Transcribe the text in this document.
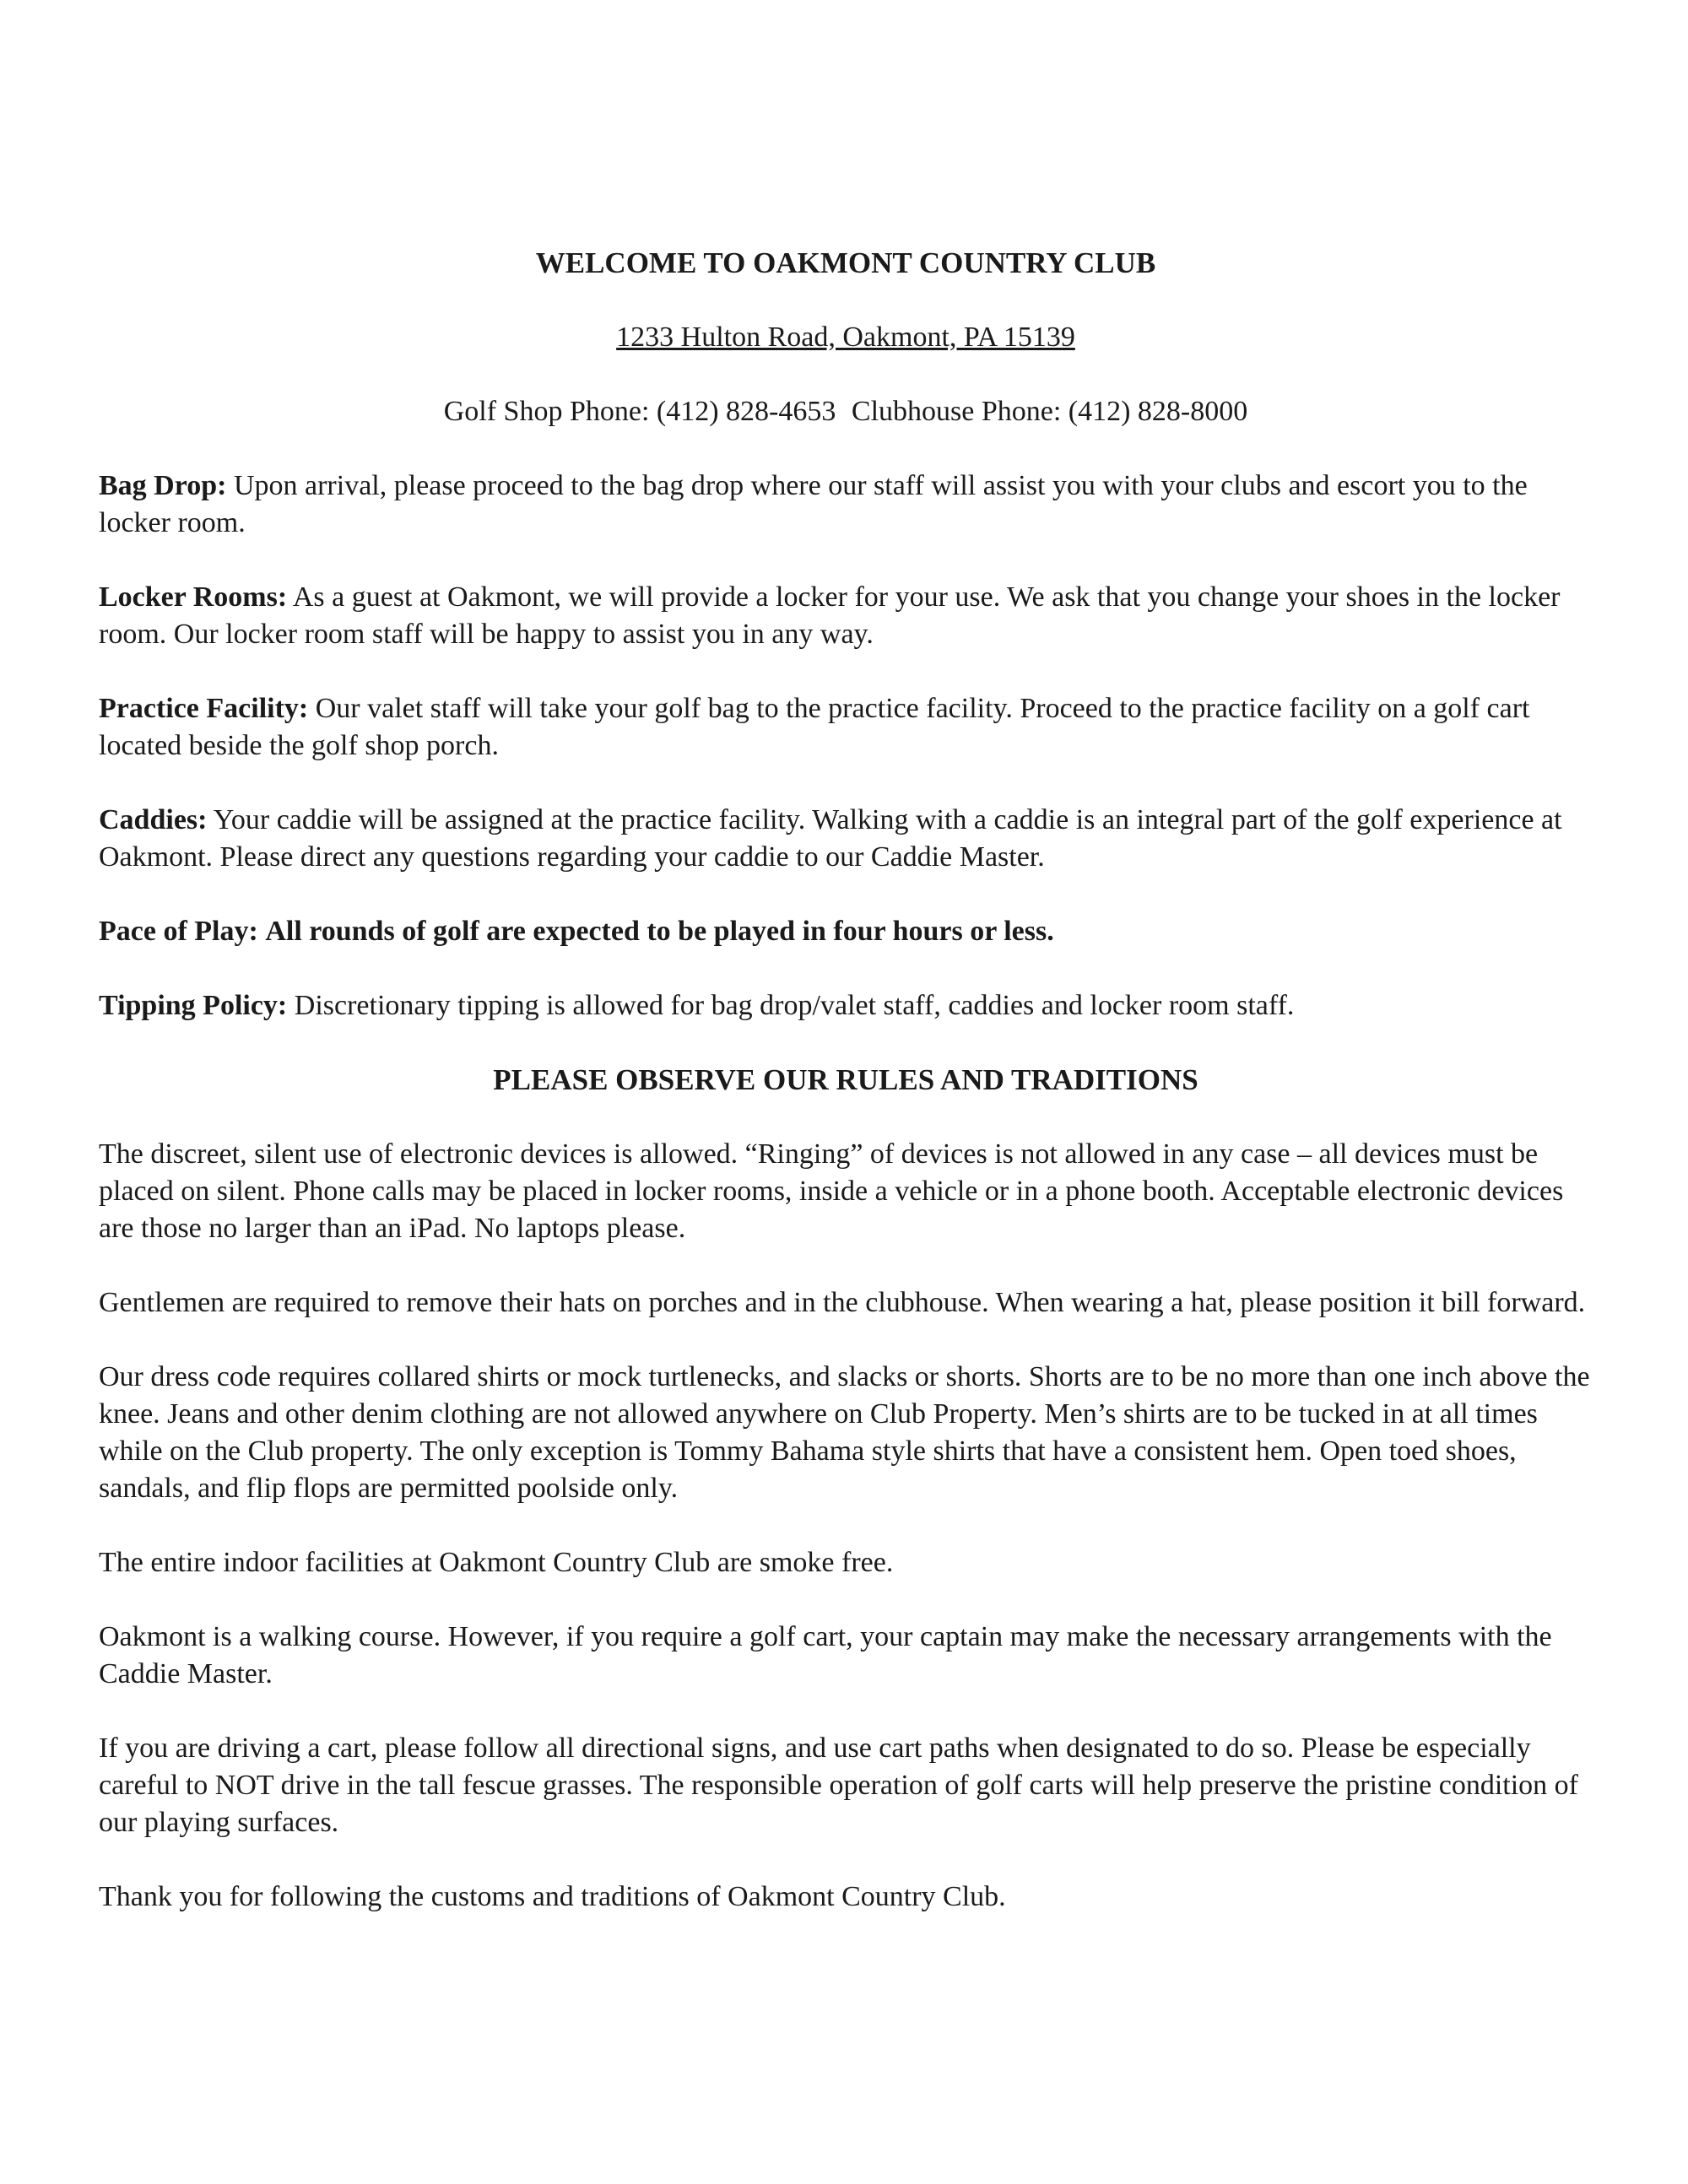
WELCOME TO OAKMONT COUNTRY CLUB
1233 Hulton Road, Oakmont, PA 15139
Golf Shop Phone: (412) 828-4653 Clubhouse Phone: (412) 828-8000

Bag Drop: Upon arrival, please proceed to the bag drop where our staff will assist you with your clubs and escort you to the locker room.

Locker Rooms: As a guest at Oakmont, we will provide a locker for your use. We ask that you change your shoes in the locker room. Our locker room staff will be happy to assist you in any way.

Practice Facility: Our valet staff will take your golf bag to the practice facility. Proceed to the practice facility on a golf cart located beside the golf shop porch.

Caddies: Your caddie will be assigned at the practice facility. Walking with a caddie is an integral part of the golf experience at Oakmont. Please direct any questions regarding your caddie to our Caddie Master.

Pace of Play: All rounds of golf are expected to be played in four hours or less.

Tipping Policy: Discretionary tipping is allowed for bag drop/valet staff, caddies and locker room staff.

PLEASE OBSERVE OUR RULES AND TRADITIONS

The discreet, silent use of electronic devices is allowed. “Ringing” of devices is not allowed in any case – all devices must be placed on silent. Phone calls may be placed in locker rooms, inside a vehicle or in a phone booth. Acceptable electronic devices are those no larger than an iPad. No laptops please.

Gentlemen are required to remove their hats on porches and in the clubhouse. When wearing a hat, please position it bill forward.

Our dress code requires collared shirts or mock turtlenecks, and slacks or shorts. Shorts are to be no more than one inch above the knee. Jeans and other denim clothing are not allowed anywhere on Club Property. Men’s shirts are to be tucked in at all times while on the Club property. The only exception is Tommy Bahama style shirts that have a consistent hem. Open toed shoes, sandals, and flip flops are permitted poolside only.

The entire indoor facilities at Oakmont Country Club are smoke free.

Oakmont is a walking course. However, if you require a golf cart, your captain may make the necessary arrangements with the Caddie Master.

If you are driving a cart, please follow all directional signs, and use cart paths when designated to do so. Please be especially careful to NOT drive in the tall fescue grasses. The responsible operation of golf carts will help preserve the pristine condition of our playing surfaces.

Thank you for following the customs and traditions of Oakmont Country Club.
